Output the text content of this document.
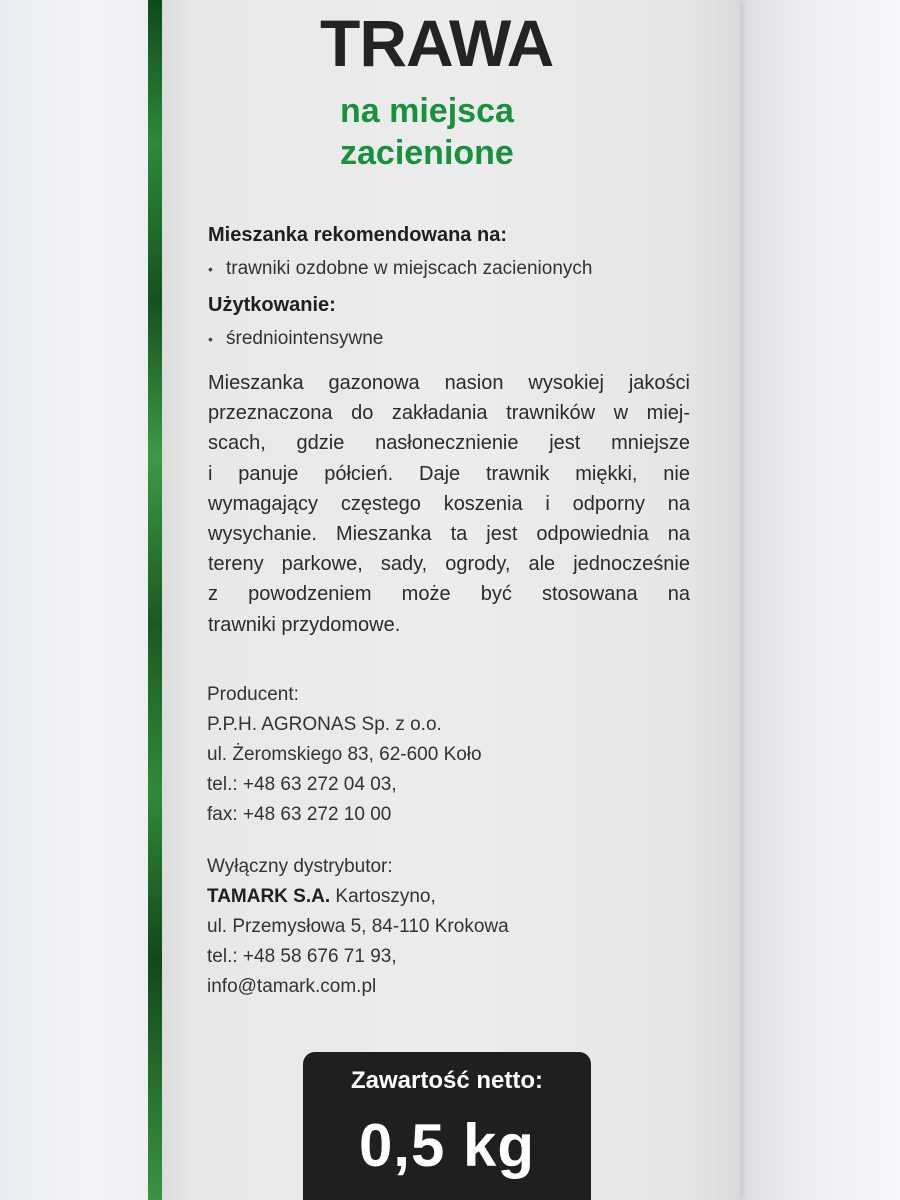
TRAWA
na miejsca
zacienione

Mieszanka rekomendowana na:

• trawniki ozdobne w miejscach zacienionych

Użytkowanie:

• średniointensywne

Mieszanka gazonowa nasion wysokiej jakości
przeznaczona do zakładania trawników w miej-
scach, gdzie nasłonecznienie jest mniejsze
i panuje półcień. Daje trawnik miękki, nie
wymagający częstego koszenia i odporny na
wysychanie. Mieszanka ta jest odpowiednia na
tereny parkowe, sady, ogrody, ale jednocześnie
z powodzeniem może być stosowana na
trawniki przydomowe.
Producent:
P.P.H. AGRONAS Sp. z o.o.
ul. Żeromskiego 83, 62-600 Koło
tel.: +48 63 272 04 03,
fax: +48 63 272 10 00
Wyłączny dystrybutor:
TAMARK S.A. Kartoszyno,
ul. Przemysłowa 5, 84-110 Krokowa
tel.: +48 58 676 71 93,
info@tamark.com.pl

Zawartość netto:

0,5 kg
